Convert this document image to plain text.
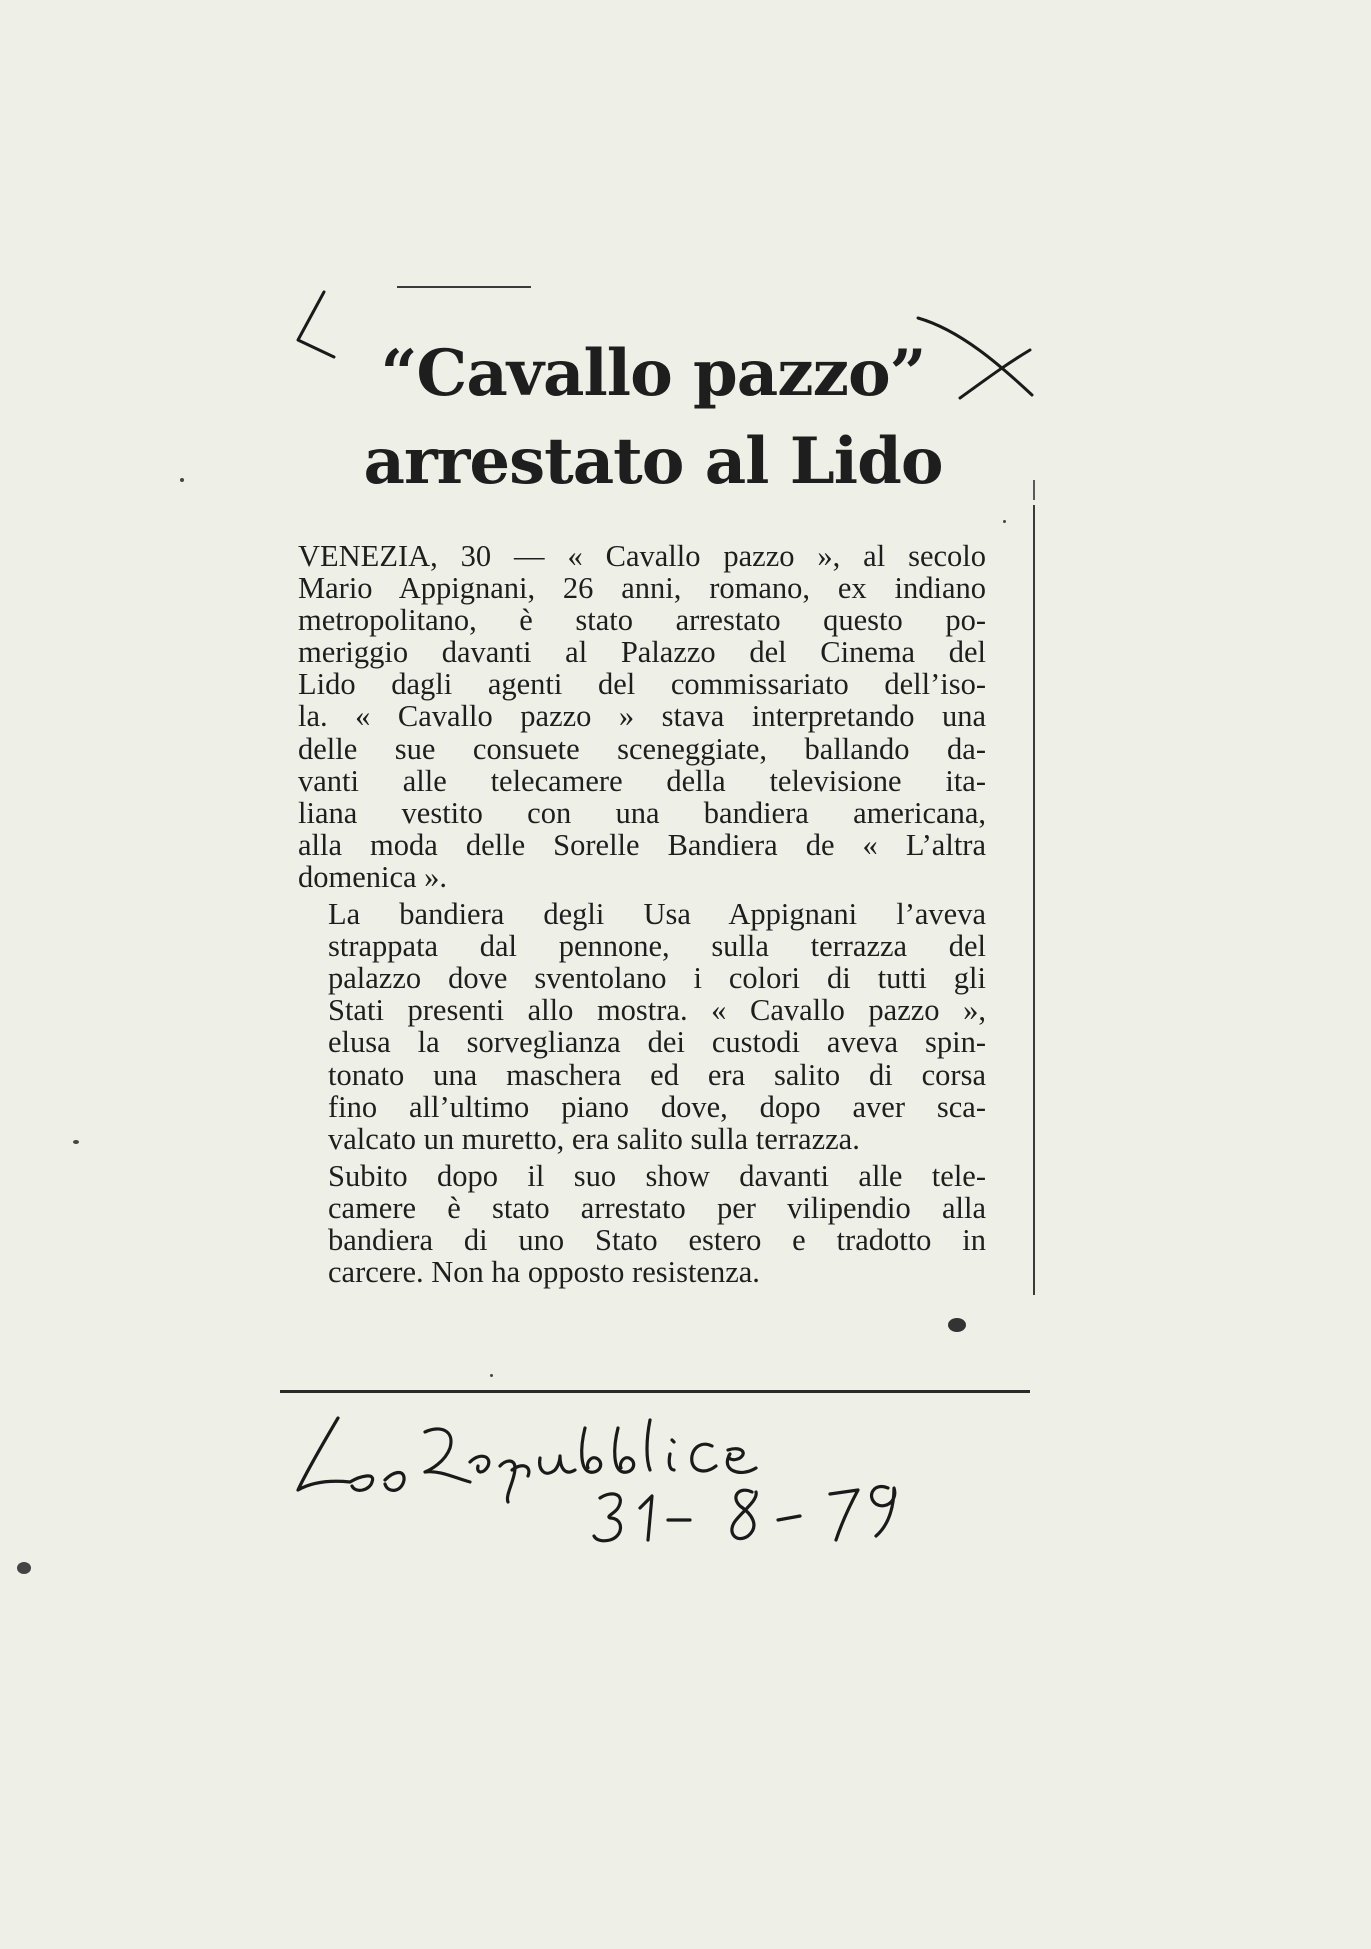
“Cavallo pazzo”
arrestato al Lido

VENEZIA, 30 — « Cavallo pazzo », al secolo
Mario Appignani, 26 anni, romano, ex indiano
metropolitano, è stato arrestato questo po-
meriggio davanti al Palazzo del Cinema del
Lido dagli agenti del commissariato dell’iso-
la. « Cavallo pazzo » stava interpretando una
delle sue consuete sceneggiate, ballando da-
vanti alle telecamere della televisione ita-
liana vestito con una bandiera americana,
alla moda delle Sorelle Bandiera de « L’altra
domenica ».

La bandiera degli Usa Appignani l’aveva
strappata dal pennone, sulla terrazza del
palazzo dove sventolano i colori di tutti gli
Stati presenti allo mostra. « Cavallo pazzo »,
elusa la sorveglianza dei custodi aveva spin-
tonato una maschera ed era salito di corsa
fino all’ultimo piano dove, dopo aver sca-
valcato un muretto, era salito sulla terrazza.

Subito dopo il suo show davanti alle tele-
camere è stato arrestato per vilipendio alla
bandiera di uno Stato estero e tradotto in
carcere. Non ha opposto resistenza.
